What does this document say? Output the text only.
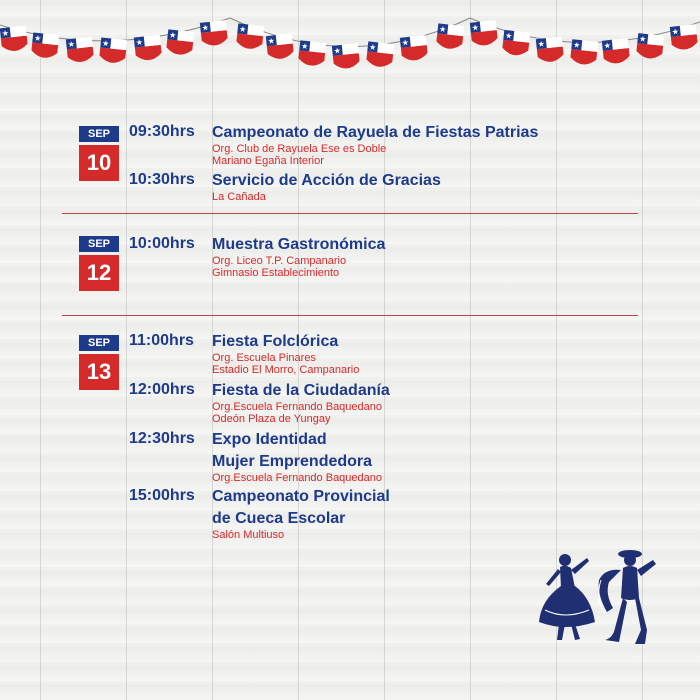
★
★
★	★	★
★
★	★
★
★	★	★	★
★	★
★
★	★	★
★
★
SEP
10
09:30hrs	Campeonato de Rayuela de Fiestas Patrias
Org. Club de Rayuela Ese es Doble
Mariano Egaña Interior
10:30hrs	Servicio de Acción de Gracias
La Cañada
SEP
12
10:00hrs	Muestra Gastronómica
Org. Liceo T.P. Campanario
Gimnasio Establecimiento
SEP
13
11:00hrs	Fiesta Folclórica
Org. Escuela Pinares
Estadio El Morro, Campanario
12:00hrs	Fiesta de la Ciudadanía
Org.Escuela Fernando Baquedano
Odeón Plaza de Yungay
12:30hrs	Expo Identidad
Mujer Emprendedora
Org.Escuela Fernando Baquedano
15:00hrs	Campeonato Provincial
de Cueca Escolar
Salón Multiuso
